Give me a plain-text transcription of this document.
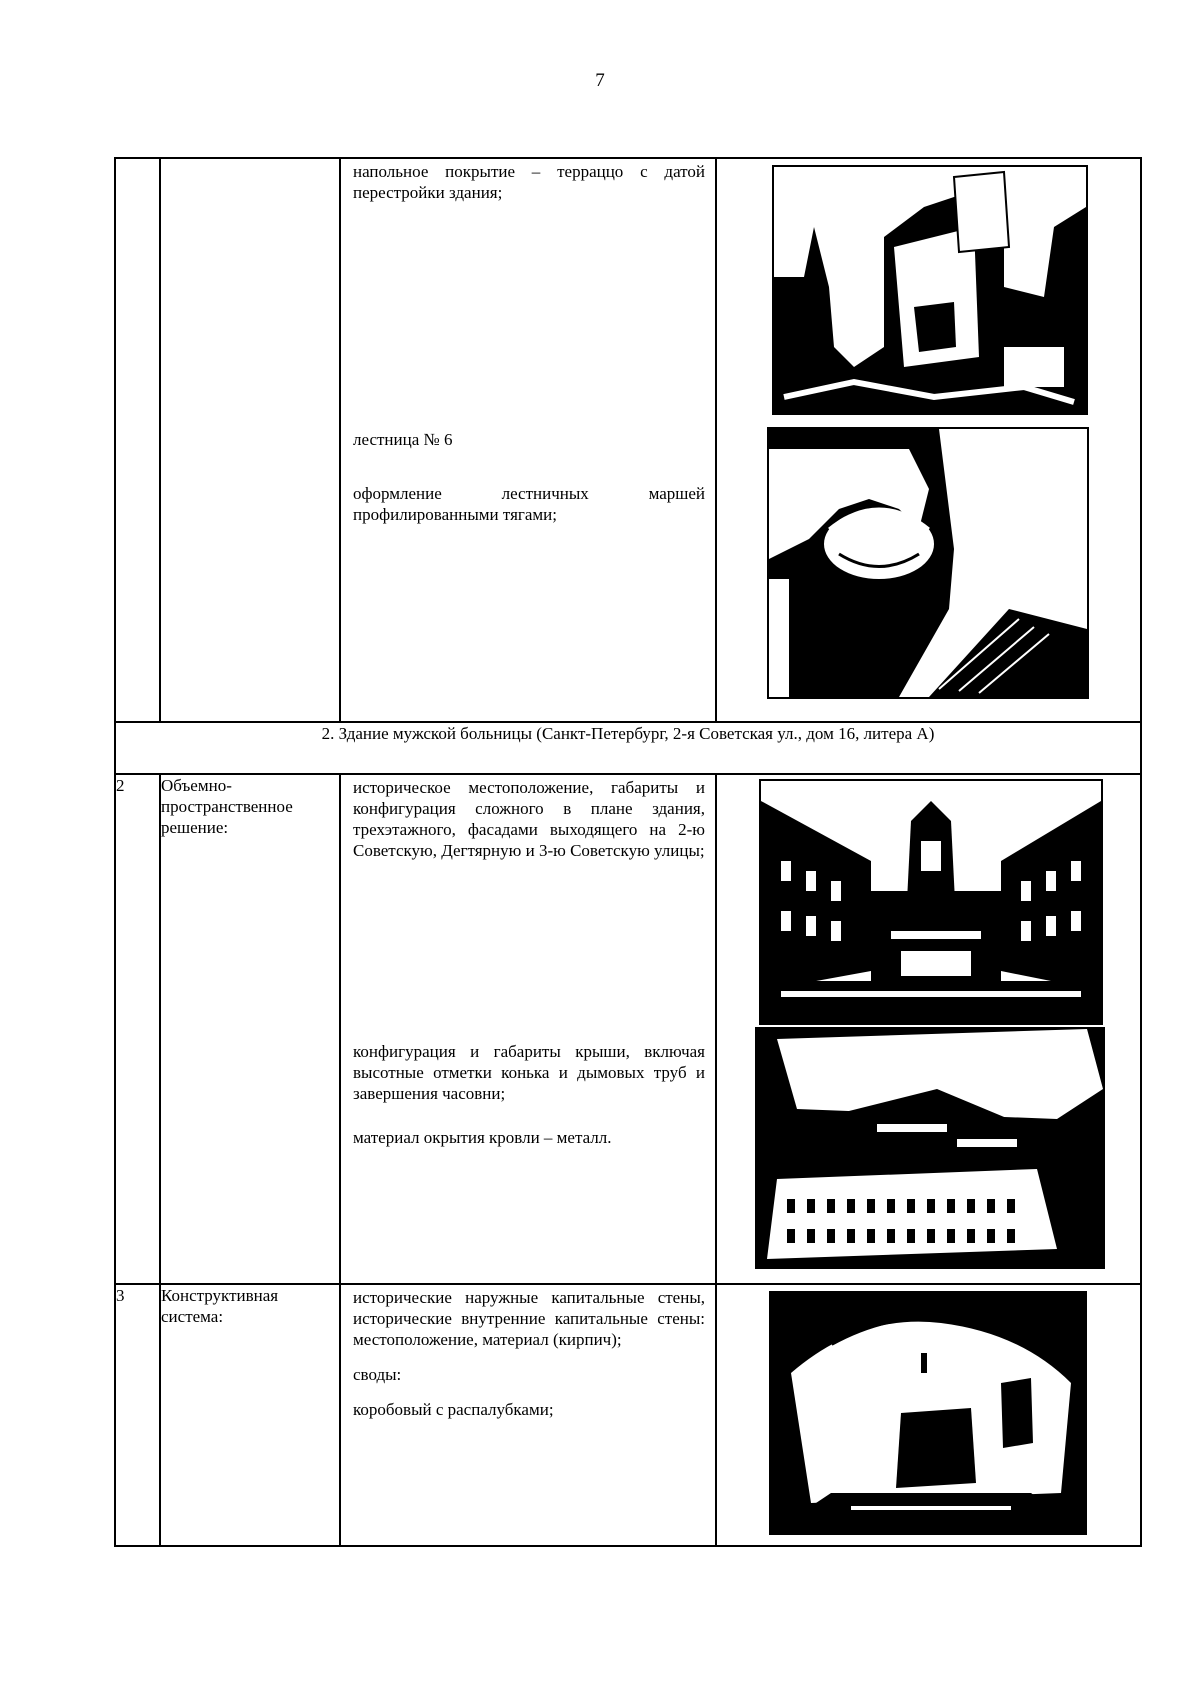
7

		напольное покрытие – терраццо с датой перестройки здания;

лестница № 6

оформление лестничных маршей профилированными тягами;

2. Здание мужской больницы (Санкт-Петербург, 2-я Советская ул., дом 16, литера А)			
2	Объемно-пространственное решение:	историческое местоположение, габариты и конфигурация сложного в плане здания, трехэтажного, фасадами выходящего на 2-ю Советскую, Дегтярную и 3-ю Советскую улицы;

конфигурация и габариты крыши, включая высотные отметки конька и дымовых труб и завершения часовни;

материал окрытия кровли – металл.

3	Конструктивная система:	исторические наружные капитальные стены, исторические внутренние капитальные стены: местоположение, материал (кирпич);

своды:

коробовый с распалубками;
